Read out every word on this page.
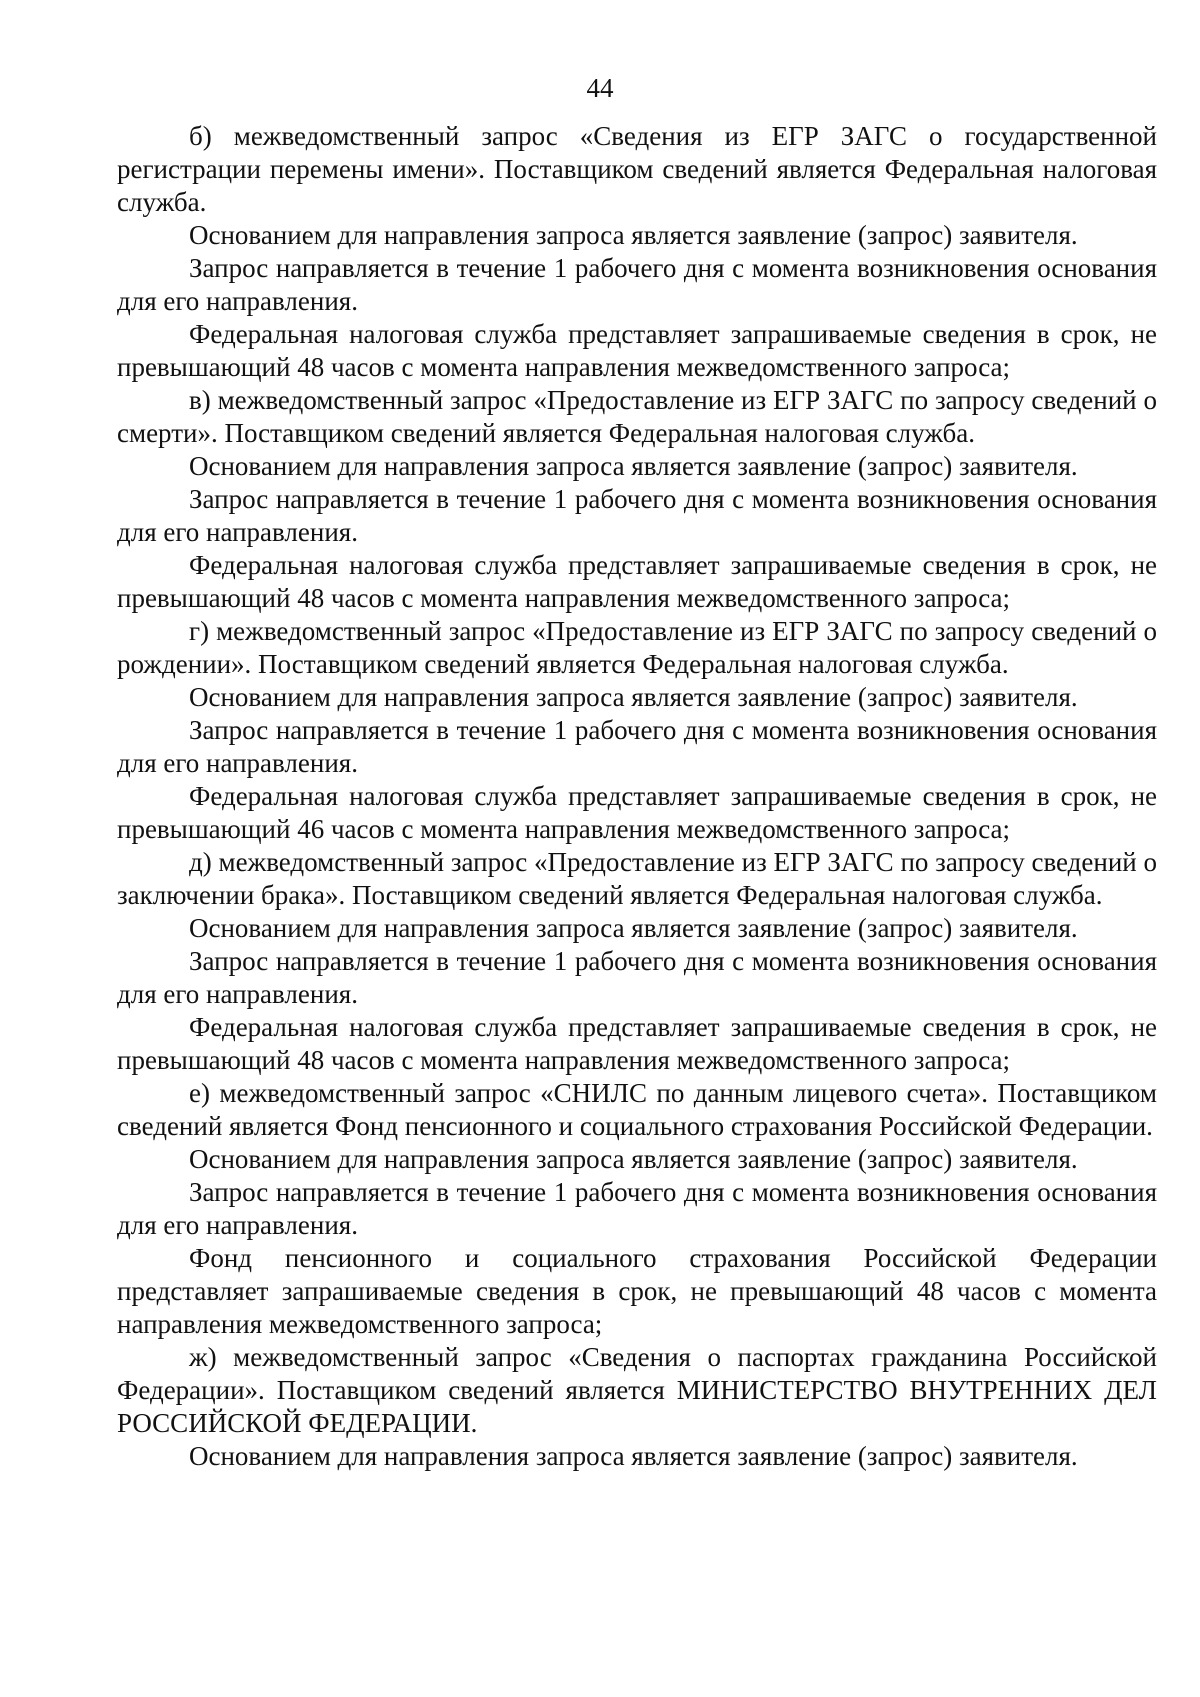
44

б) межведомственный запрос «Сведения из ЕГР ЗАГС о государственной регистрации перемены имени». Поставщиком сведений является Федеральная налоговая служба.

Основанием для направления запроса является заявление (запрос) заявителя.

Запрос направляется в течение 1 рабочего дня с момента возникновения основания для его направления.

Федеральная налоговая служба представляет запрашиваемые сведения в срок, не превышающий 48 часов с момента направления межведомственного запроса;

в) межведомственный запрос «Предоставление из ЕГР ЗАГС по запросу сведений о смерти». Поставщиком сведений является Федеральная налоговая служба.

Основанием для направления запроса является заявление (запрос) заявителя.

Запрос направляется в течение 1 рабочего дня с момента возникновения основания для его направления.

Федеральная налоговая служба представляет запрашиваемые сведения в срок, не превышающий 48 часов с момента направления межведомственного запроса;

г) межведомственный запрос «Предоставление из ЕГР ЗАГС по запросу сведений о рождении». Поставщиком сведений является Федеральная налоговая служба.

Основанием для направления запроса является заявление (запрос) заявителя.

Запрос направляется в течение 1 рабочего дня с момента возникновения основания для его направления.

Федеральная налоговая служба представляет запрашиваемые сведения в срок, не превышающий 46 часов с момента направления межведомственного запроса;

д) межведомственный запрос «Предоставление из ЕГР ЗАГС по запросу сведений о заключении брака». Поставщиком сведений является Федеральная налоговая служба.

Основанием для направления запроса является заявление (запрос) заявителя.

Запрос направляется в течение 1 рабочего дня с момента возникновения основания для его направления.

Федеральная налоговая служба представляет запрашиваемые сведения в срок, не превышающий 48 часов с момента направления межведомственного запроса;

е) межведомственный запрос «СНИЛС по данным лицевого счета». Поставщиком сведений является Фонд пенсионного и социального страхования Российской Федерации.

Основанием для направления запроса является заявление (запрос) заявителя.

Запрос направляется в течение 1 рабочего дня с момента возникновения основания для его направления.

Фонд пенсионного и социального страхования Российской Федерации представляет запрашиваемые сведения в срок, не превышающий 48 часов с момента направления межведомственного запроса;

ж) межведомственный запрос «Сведения о паспортах гражданина Российской Федерации». Поставщиком сведений является МИНИСТЕРСТВО ВНУТРЕННИХ ДЕЛ РОССИЙСКОЙ ФЕДЕРАЦИИ.

Основанием для направления запроса является заявление (запрос) заявителя.
